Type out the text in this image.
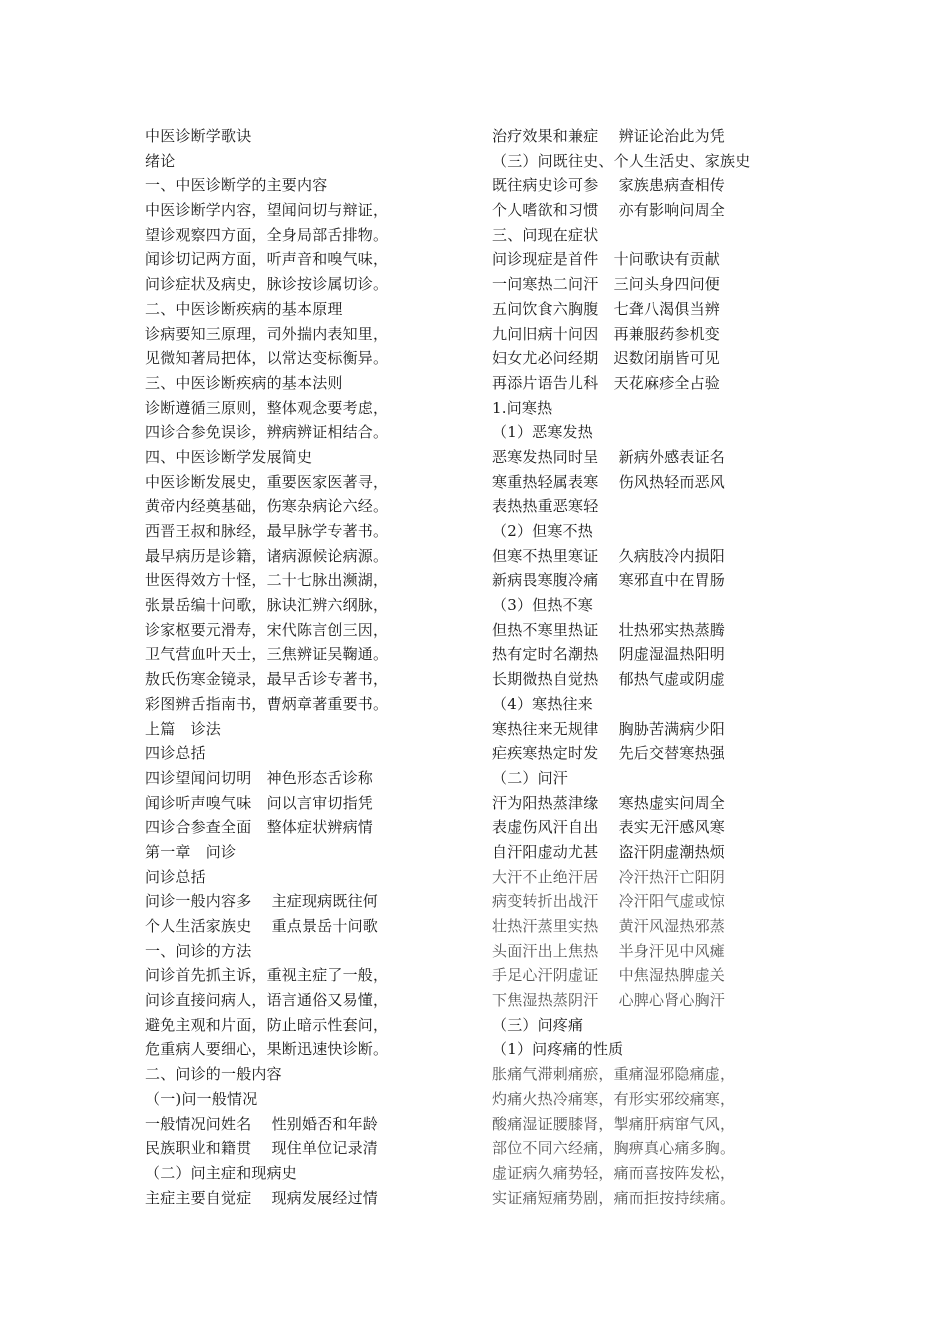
中医诊断学歌诀
绪论
一、中医诊断学的主要内容
中医诊断学内容，望闻问切与辩证，
望诊观察四方面，全身局部舌排物。
闻诊切记两方面，听声音和嗅气味，
问诊症状及病史，脉诊按诊属切诊。
二、中医诊断疾病的基本原理
诊病要知三原理，司外揣内表知里，
见微知著局把体，以常达变标衡异。
三、中医诊断疾病的基本法则
诊断遵循三原则，整体观念要考虑，
四诊合参免误诊，辨病辨证相结合。
四、中医诊断学发展简史
中医诊断发展史，重要医家医著寻，
黄帝内经奠基础，伤寒杂病论六经。
西晋王叔和脉经，最早脉学专著书。
最早病历是诊籍，诸病源候论病源。
世医得效方十怪，二十七脉出濒湖，
张景岳编十问歌，脉诀汇辨六纲脉，
诊家枢要元滑寿，宋代陈言创三因，
卫气营血叶天士，三焦辨证吴鞠通。
敖氏伤寒金镜录，最早舌诊专著书，
彩图辨舌指南书，曹炳章著重要书。
上篇　诊法
四诊总括
四诊望闻问切明　神色形态舌诊称
闻诊听声嗅气味　问以言审切指凭
四诊合参查全面　整体症状辨病情
第一章　问诊
问诊总括
问诊一般内容多　 主症现病既往何
个人生活家族史　 重点景岳十问歌
一、问诊的方法
问诊首先抓主诉，重视主症了一般，
问诊直接问病人，语言通俗又易懂，
避免主观和片面，防止暗示性套问，
危重病人要细心，果断迅速快诊断。
二、问诊的一般内容
（一)问一般情况
一般情况问姓名　 性别婚否和年龄
民族职业和籍贯　 现住单位记录清
（二）问主症和现病史
主症主要自觉症　 现病发展经过情
治疗效果和兼症　 辨证论治此为凭
（三）问既往史、个人生活史、家族史
既往病史诊可参　 家族患病查相传
个人嗜欲和习惯　 亦有影响问周全
三、问现在症状
问诊现症是首件　十问歌诀有贡献
一问寒热二问汗　三问头身四问便
五问饮食六胸腹　七聋八渴俱当辨
九问旧病十问因　再兼服药参机变
妇女尤必问经期　迟数闭崩皆可见
再添片语告儿科　天花麻疹全占验
1.问寒热
（1）恶寒发热
恶寒发热同时呈　 新病外感表证名
寒重热轻属表寒　 伤风热轻而恶风
表热热重恶寒轻
（2）但寒不热
但寒不热里寒证　 久病肢冷内损阳
新病畏寒腹冷痛　 寒邪直中在胃肠
（3）但热不寒
但热不寒里热证　 壮热邪实热蒸腾
热有定时名潮热　 阴虚湿温热阳明
长期微热自觉热　 郁热气虚或阴虚
（4）寒热往来
寒热往来无规律　 胸胁苦满病少阳
疟疾寒热定时发　 先后交替寒热强
（二）问汗
汗为阳热蒸津缘　 寒热虚实问周全
表虚伤风汗自出　 表实无汗感风寒
自汗阳虚动尤甚　 盗汗阴虚潮热烦
大汗不止绝汗居　 冷汗热汗亡阳阴
病变转折出战汗　 冷汗阳气虚或惊
壮热汗蒸里实热　 黄汗风湿热邪蒸
头面汗出上焦热　 半身汗见中风瘫
手足心汗阴虚证　 中焦湿热脾虚关
下焦湿热蒸阴汗　 心脾心肾心胸汗
（三）问疼痛
（1）问疼痛的性质
胀痛气滞刺痛瘀，重痛湿邪隐痛虚，
灼痛火热冷痛寒，有形实邪绞痛寒，
酸痛湿证腰膝肾，掣痛肝病窜气风，
部位不同六经痛，胸痹真心痛多胸。
虚证病久痛势轻，痛而喜按阵发松，
实证痛短痛势剧，痛而拒按持续痛。
